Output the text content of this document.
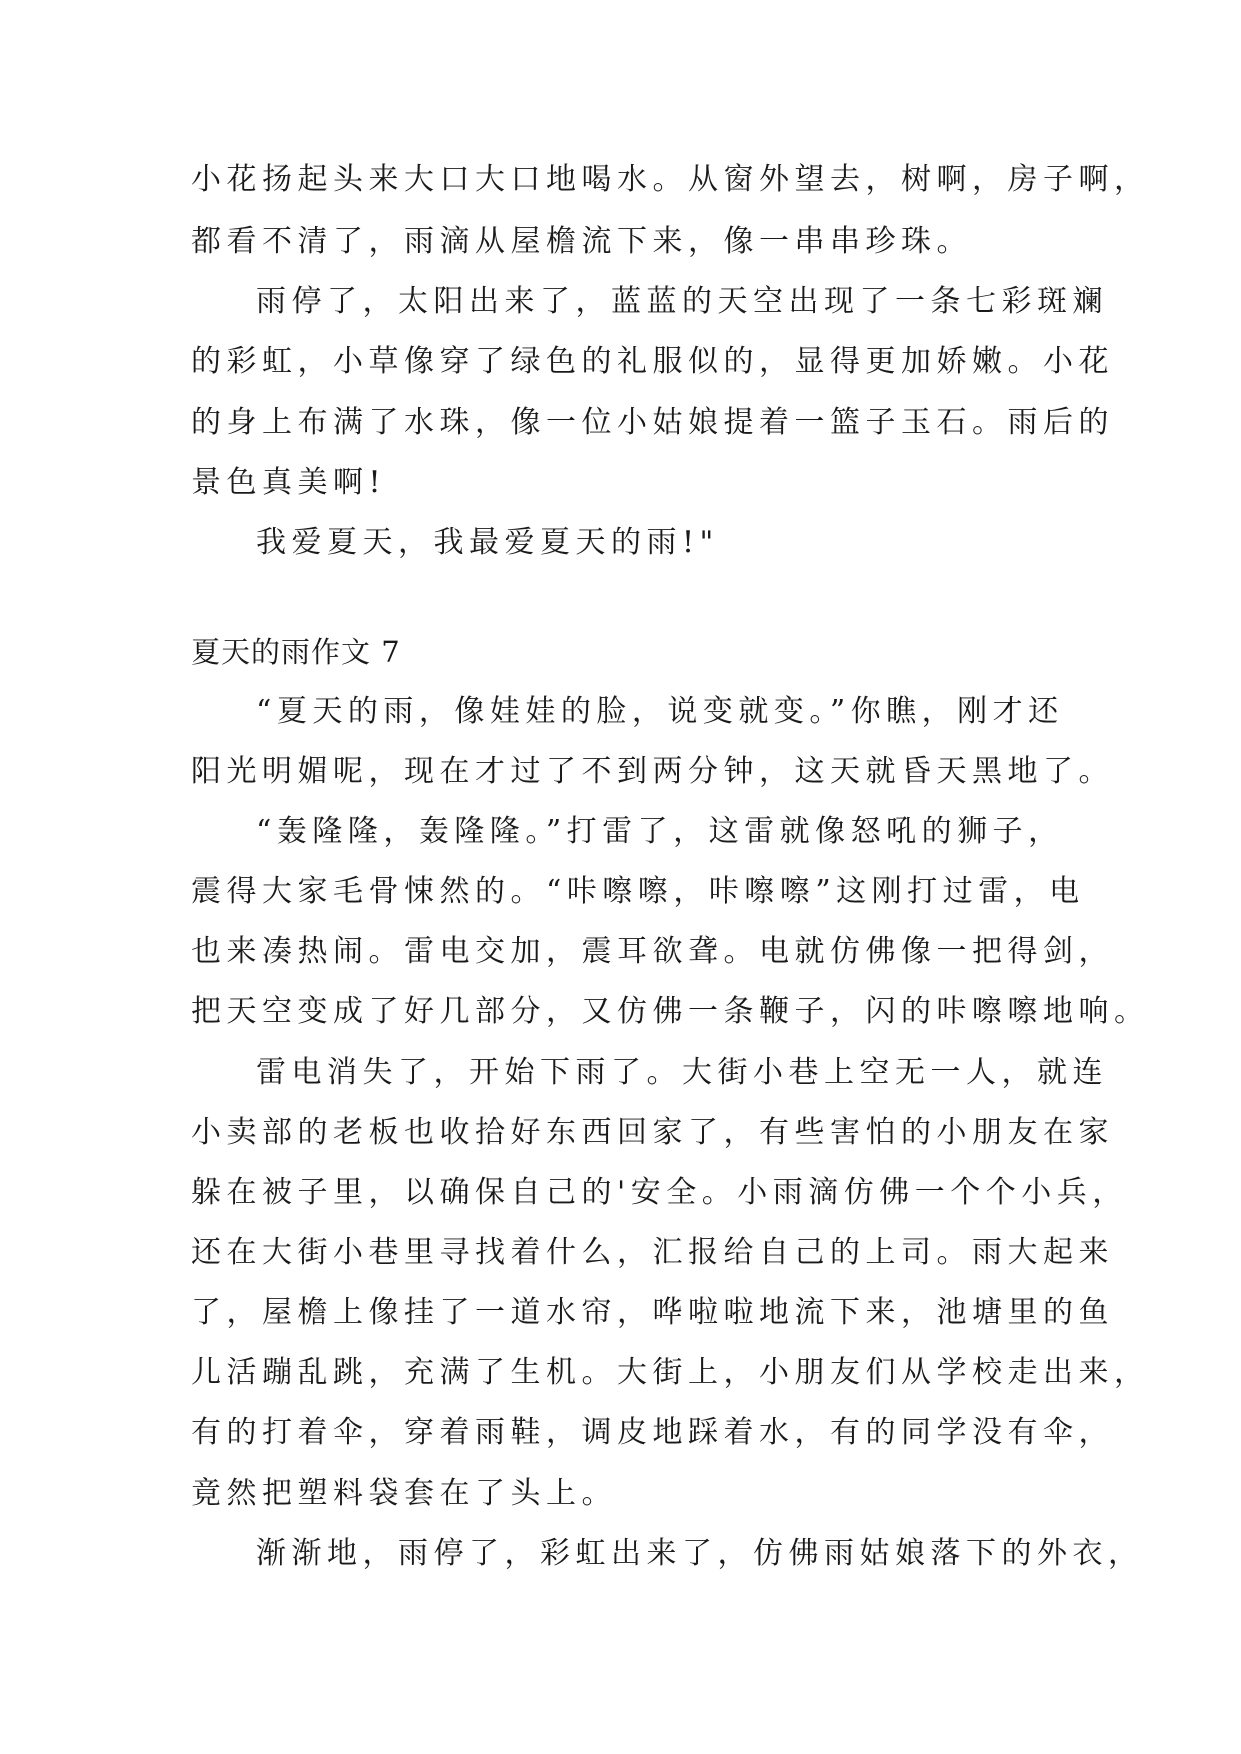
小花扬起头来大口大口地喝水。从窗外望去，树啊，房子啊，
都看不清了，雨滴从屋檐流下来，像一串串珍珠。
雨停了，太阳出来了，蓝蓝的天空出现了一条七彩斑斓
的彩虹，小草像穿了绿色的礼服似的，显得更加娇嫩。小花
的身上布满了水珠，像一位小姑娘提着一篮子玉石。雨后的
景色真美啊!
我爱夏天，我最爱夏天的雨!"
夏天的雨作文 7
“夏天的雨，像娃娃的脸，说变就变。”你瞧，刚才还
阳光明媚呢，现在才过了不到两分钟，这天就昏天黑地了。
“轰隆隆，轰隆隆。”打雷了，这雷就像怒吼的狮子，
震得大家毛骨悚然的。“咔嚓嚓，咔嚓嚓”这刚打过雷，电
也来凑热闹。雷电交加，震耳欲聋。电就仿佛像一把得剑，
把天空变成了好几部分，又仿佛一条鞭子，闪的咔嚓嚓地响。
雷电消失了，开始下雨了。大街小巷上空无一人，就连
小卖部的老板也收拾好东西回家了，有些害怕的小朋友在家
躲在被子里，以确保自己的'安全。小雨滴仿佛一个个小兵，
还在大街小巷里寻找着什么，汇报给自己的上司。雨大起来
了，屋檐上像挂了一道水帘，哗啦啦地流下来，池塘里的鱼
儿活蹦乱跳，充满了生机。大街上，小朋友们从学校走出来，
有的打着伞，穿着雨鞋，调皮地踩着水，有的同学没有伞，
竟然把塑料袋套在了头上。
渐渐地，雨停了，彩虹出来了，仿佛雨姑娘落下的外衣，
